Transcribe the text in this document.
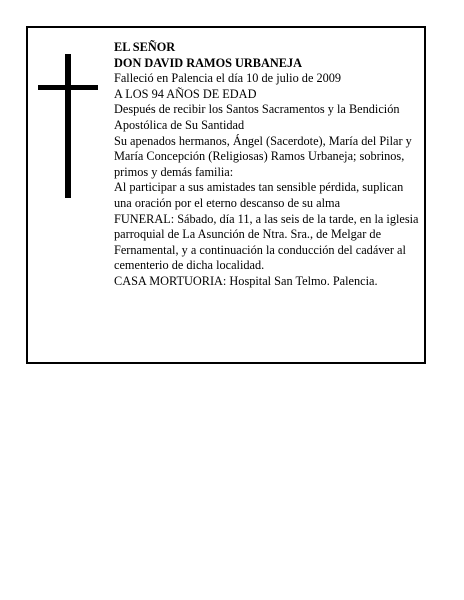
EL SEÑOR
DON DAVID RAMOS URBANEJA
Falleció en Palencia el día 10 de julio de 2009
A LOS 94 AÑOS DE EDAD
Después de recibir los Santos Sacramentos y la Bendición Apostólica de Su Santidad
Su apenados hermanos, Ángel (Sacerdote), María del Pilar y María Concepción (Religiosas) Ramos Urbaneja; sobrinos, primos y demás familia:
Al participar a sus amistades tan sensible pérdida, suplican una oración por el eterno descanso de su alma
FUNERAL: Sábado, día 11, a las seis de la tarde, en la iglesia parroquial de La Asunción de Ntra. Sra., de Melgar de Fernamental, y a continuación la conducción del cadáver al cementerio de dicha localidad.
CASA MORTUORIA: Hospital San Telmo. Palencia.
